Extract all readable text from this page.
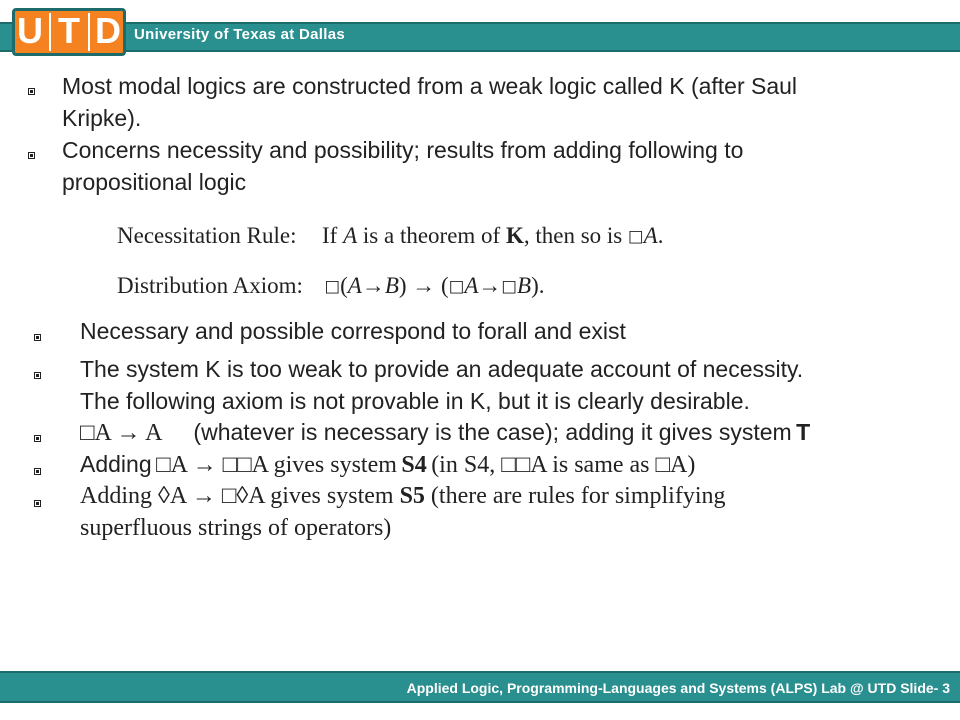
U T D University of Texas at Dallas
Most modal logics are constructed from a weak logic called K (after Saul
Kripke).
Concerns necessity and possibility; results from adding following to
propositional logic
Necessitation Rule: If A is a theorem of K, then so is □A.
Distribution Axiom: □(A→B) → (□A→□B).
Necessary and possible correspond to forall and exist
The system K is too weak to provide an adequate account of necessity.
The following axiom is not provable in K, but it is clearly desirable.
□A → A (whatever is necessary is the case); adding it gives system T
Adding □A → □□A gives system S4 (in S4, □□A is same as □A)
Adding ◊A → □◊A gives system S5 (there are rules for simplifying
superfluous strings of operators)
Applied Logic, Programming-Languages and Systems (ALPS) Lab @ UTD Slide- 3
